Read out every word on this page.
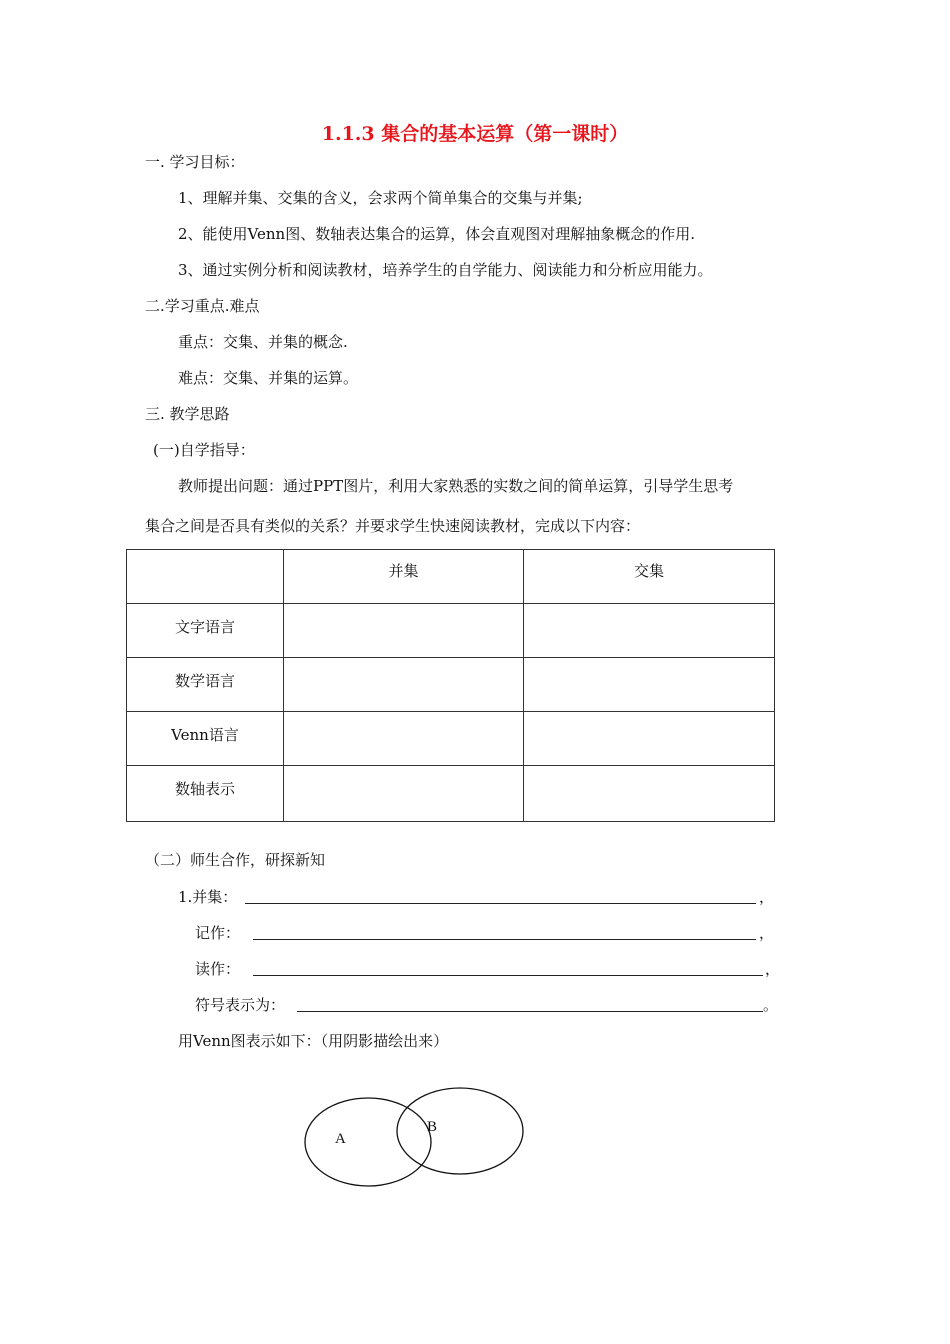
1.1.3 集合的基本运算（第一课时）
一. 学习目标：
1、理解并集、交集的含义，会求两个简单集合的交集与并集;
2、能使用Venn图、数轴表达集合的运算，体会直观图对理解抽象概念的作用.
3、通过实例分析和阅读教材，培养学生的自学能力、阅读能力和分析应用能力。
二.学习重点.难点
重点：交集、并集的概念.
难点：交集、并集的运算。
三. 教学思路
(一)自学指导：
教师提出问题：通过PPT图片，利用大家熟悉的实数之间的简单运算，引导学生思考
集合之间是否具有类似的关系？并要求学生快速阅读教材，完成以下内容：
	并集	交集
文字语言		
数学语言		
Venn语言		
数轴表示		
（二）师生合作，研探新知
1.并集：	，
记作：	，
读作：	，
符号表示为：	。
用Venn图表示如下：（用阴影描绘出来）
A
B
